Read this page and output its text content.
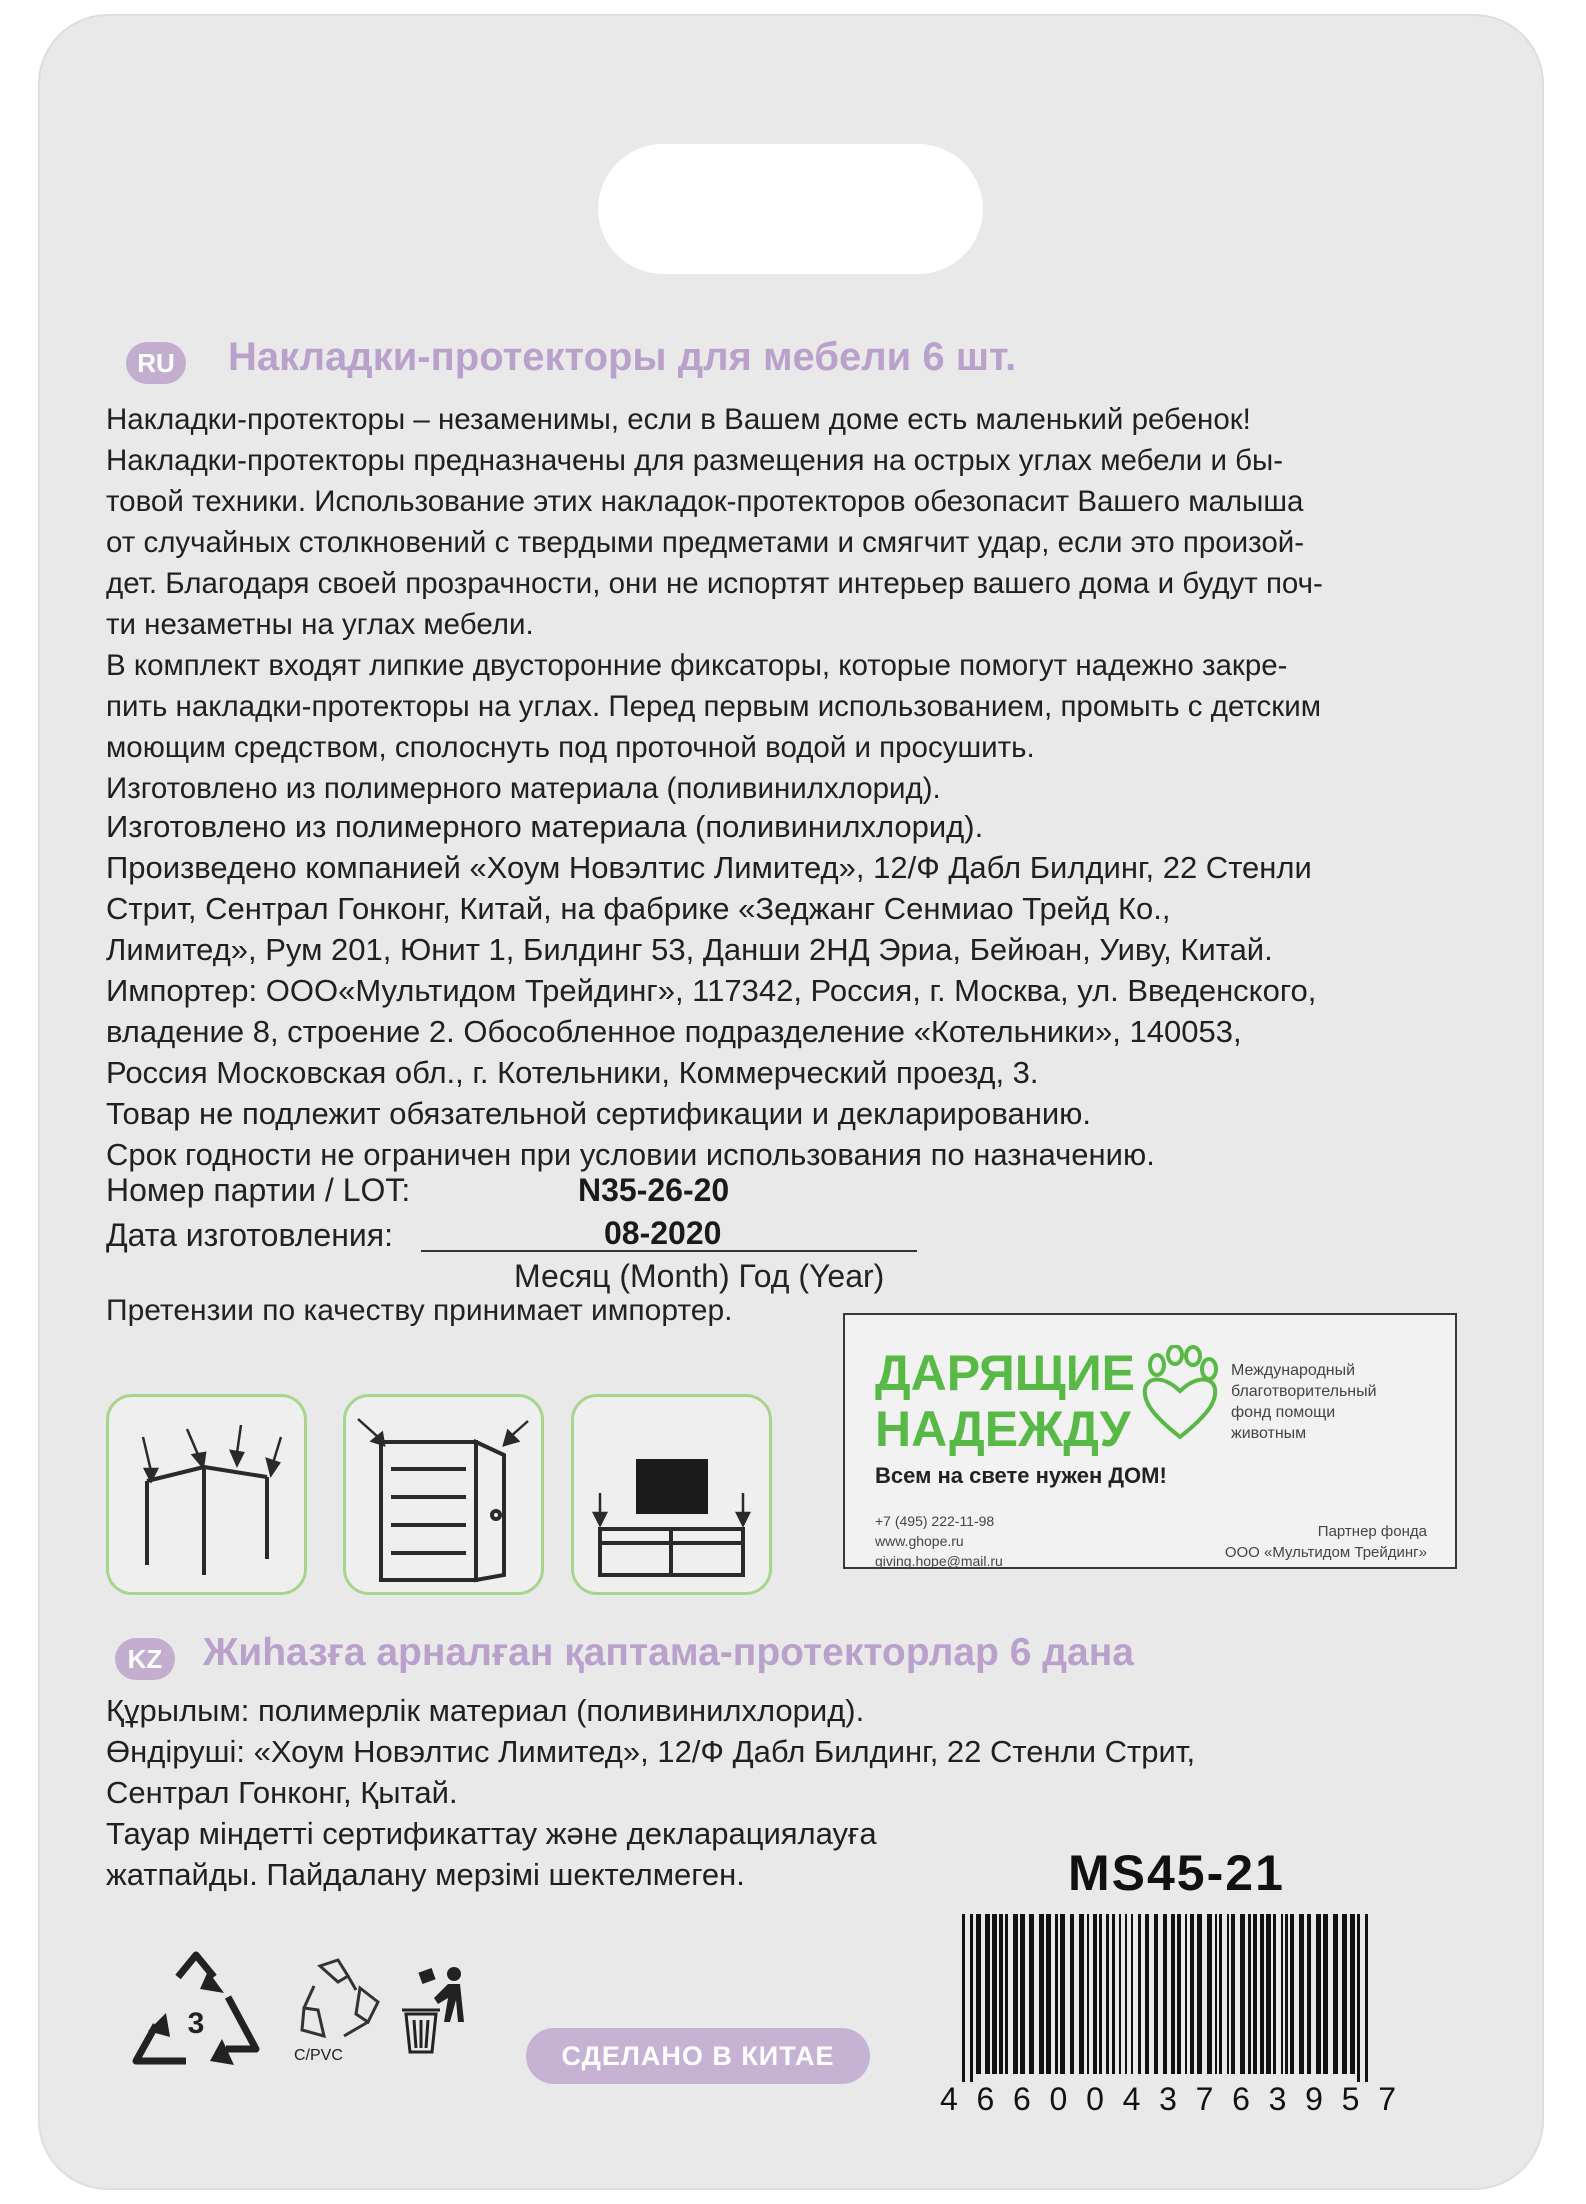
RU Накладки-протекторы для мебели 6 шт.
Накладки-протекторы – незаменимы, если в Вашем доме есть маленький ребенок!
Накладки-протекторы предназначены для размещения на острых углах мебели и бы-
товой техники. Использование этих накладок-протекторов обезопасит Вашего малыша
от случайных столкновений с твердыми предметами и смягчит удар, если это произой-
дет. Благодаря своей прозрачности, они не испортят интерьер вашего дома и будут поч-
ти незаметны на углах мебели.
В комплект входят липкие двусторонние фиксаторы, которые помогут надежно закре-
пить накладки-протекторы на углах. Перед первым использованием, промыть с детским
моющим средством, сполоснуть под проточной водой и просушить.
Изготовлено из полимерного материала (поливинилхлорид).
Изготовлено из полимерного материала (поливинилхлорид).
Произведено компанией «Хоум Новэлтис Лимитед», 12/Ф Дабл Билдинг, 22 Стенли
Стрит, Сентрал Гонконг, Китай, на фабрике «Зеджанг Сенмиао Трейд Ко.,
Лимитед», Рум 201, Юнит 1, Билдинг 53, Данши 2НД Эриа, Бейюан, Уиву, Китай.
Импортер: ООО«Мультидом Трейдинг», 117342, Россия, г. Москва, ул. Введенского,
владение 8, строение 2. Обособленное подразделение «Котельники», 140053,
Россия Московская обл., г. Котельники, Коммерческий проезд, 3.
Товар не подлежит обязательной сертификации и декларированию.
Срок годности не ограничен при условии использования по назначению.
Номер партии / LOT:	N35-26-20
Дата изготовления:	08-2020
Месяц (Month) Год (Year)
Претензии по качеству принимает импортер.
ДАРЯЩИЕ
НАДЕЖДУ
Международный
благотворительный
фонд помощи
животным
Всем на свете нужен ДОМ!
+7 (495) 222-11-98
www.ghope.ru
giving.hope@mail.ru
Партнер фонда
ООО «Мультидом Трейдинг»
KZ	Жиһазға арналған қаптама-протекторлар 6 дана
Құрылым: полимерлік материал (поливинилхлорид).
Өндіруші: «Хоум Новэлтис Лимитед», 12/Ф Дабл Билдинг, 22 Стенли Стрит,
Сентрал Гонконг, Қытай.
Тауар міндетті сертификаттау және декларациялауға
жатпайды. Пайдалану мерзімі шектелмеген.	MS45-21
4660043763957
3
C/PVC	СДЕЛАНО В КИТАЕ
